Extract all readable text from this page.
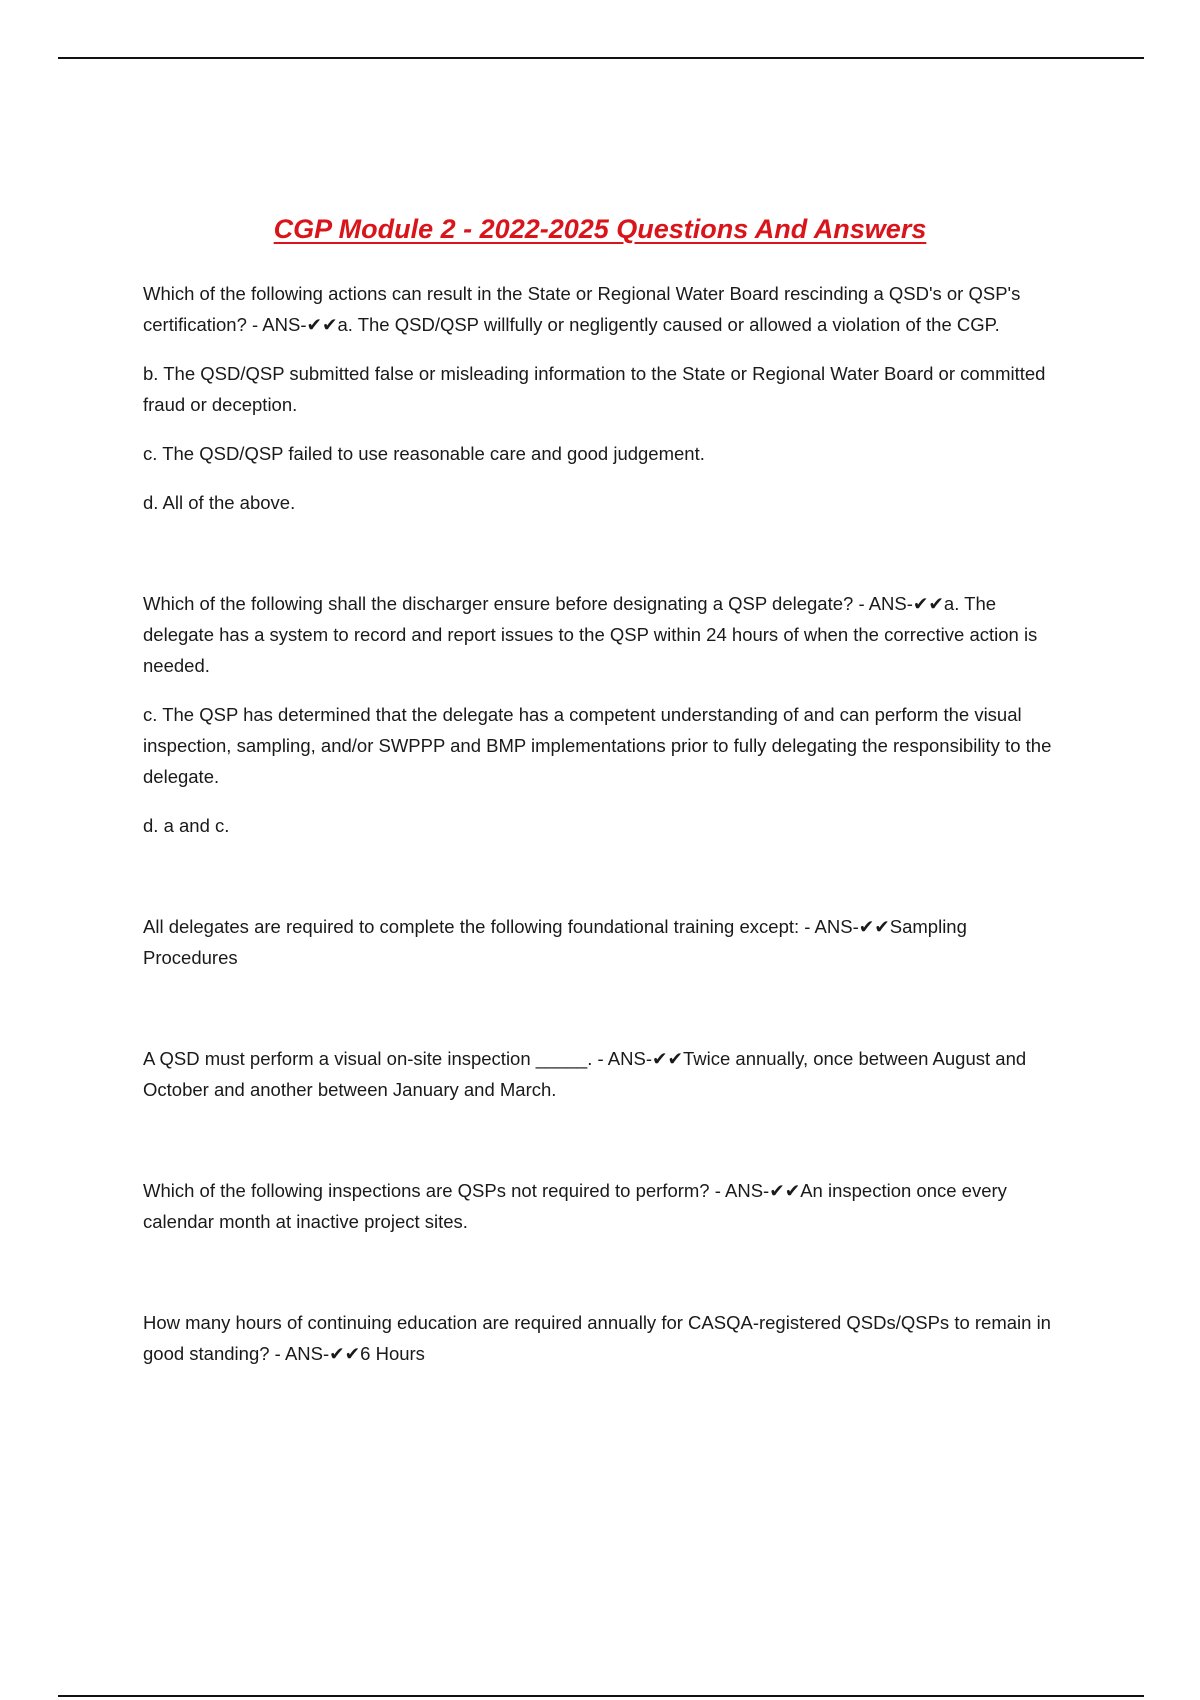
CGP Module 2 - 2022-2025 Questions And Answers

Which of the following actions can result in the State or Regional Water Board rescinding a QSD's or QSP's certification? - ANS-✔✔a. The QSD/QSP willfully or negligently caused or allowed a violation of the CGP.

b. The QSD/QSP submitted false or misleading information to the State or Regional Water Board or committed fraud or deception.

c. The QSD/QSP failed to use reasonable care and good judgement.

d. All of the above.

Which of the following shall the discharger ensure before designating a QSP delegate? - ANS-✔✔a. The delegate has a system to record and report issues to the QSP within 24 hours of when the corrective action is needed.

c. The QSP has determined that the delegate has a competent understanding of and can perform the visual inspection, sampling, and/or SWPPP and BMP implementations prior to fully delegating the responsibility to the delegate.

d. a and c.

All delegates are required to complete the following foundational training except: - ANS-✔✔Sampling Procedures

A QSD must perform a visual on-site inspection _____. - ANS-✔✔Twice annually, once between August and October and another between January and March.

Which of the following inspections are QSPs not required to perform? - ANS-✔✔An inspection once every calendar month at inactive project sites.

How many hours of continuing education are required annually for CASQA-registered QSDs/QSPs to remain in good standing? - ANS-✔✔6 Hours
